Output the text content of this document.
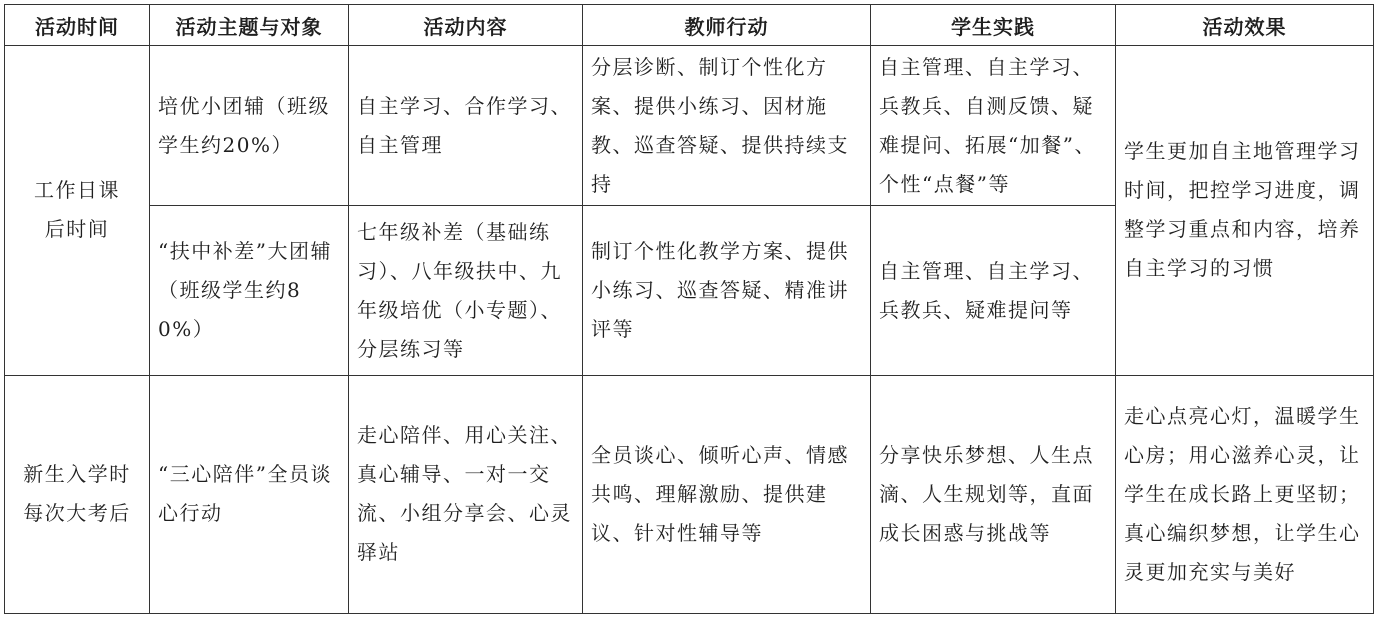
活动时间	活动主题与对象	活动内容	教师行动	学生实践	活动效果
工作日课后时间	培优小团辅（班级学生约20%）	自主学习、合作学习、自主管理	分层诊断、制订个性化方案、提供小练习、因材施教、巡查答疑、提供持续支持	自主管理、自主学习、兵教兵、自测反馈、疑难提问、拓展“加餐”、个性“点餐”等	学生更加自主地管理学习时间，把控学习进度，调整学习重点和内容，培养自主学习的习惯
	“扶中补差”大团辅（班级学生约80%）	七年级补差（基础练习）、八年级扶中、九年级培优（小专题）、分层练习等	制订个性化教学方案、提供小练习、巡查答疑、精准讲评等	自主管理、自主学习、兵教兵、疑难提问等	
新生入学时每次大考后	“三心陪伴”全员谈心行动	走心陪伴、用心关注、真心辅导、一对一交流、小组分享会、心灵驿站	全员谈心、倾听心声、情感共鸣、理解激励、提供建议、针对性辅导等	分享快乐梦想、人生点滴、人生规划等，直面成长困惑与挑战等	走心点亮心灯，温暖学生心房；用心滋养心灵，让学生在成长路上更坚韧；真心编织梦想，让学生心灵更加充实与美好
